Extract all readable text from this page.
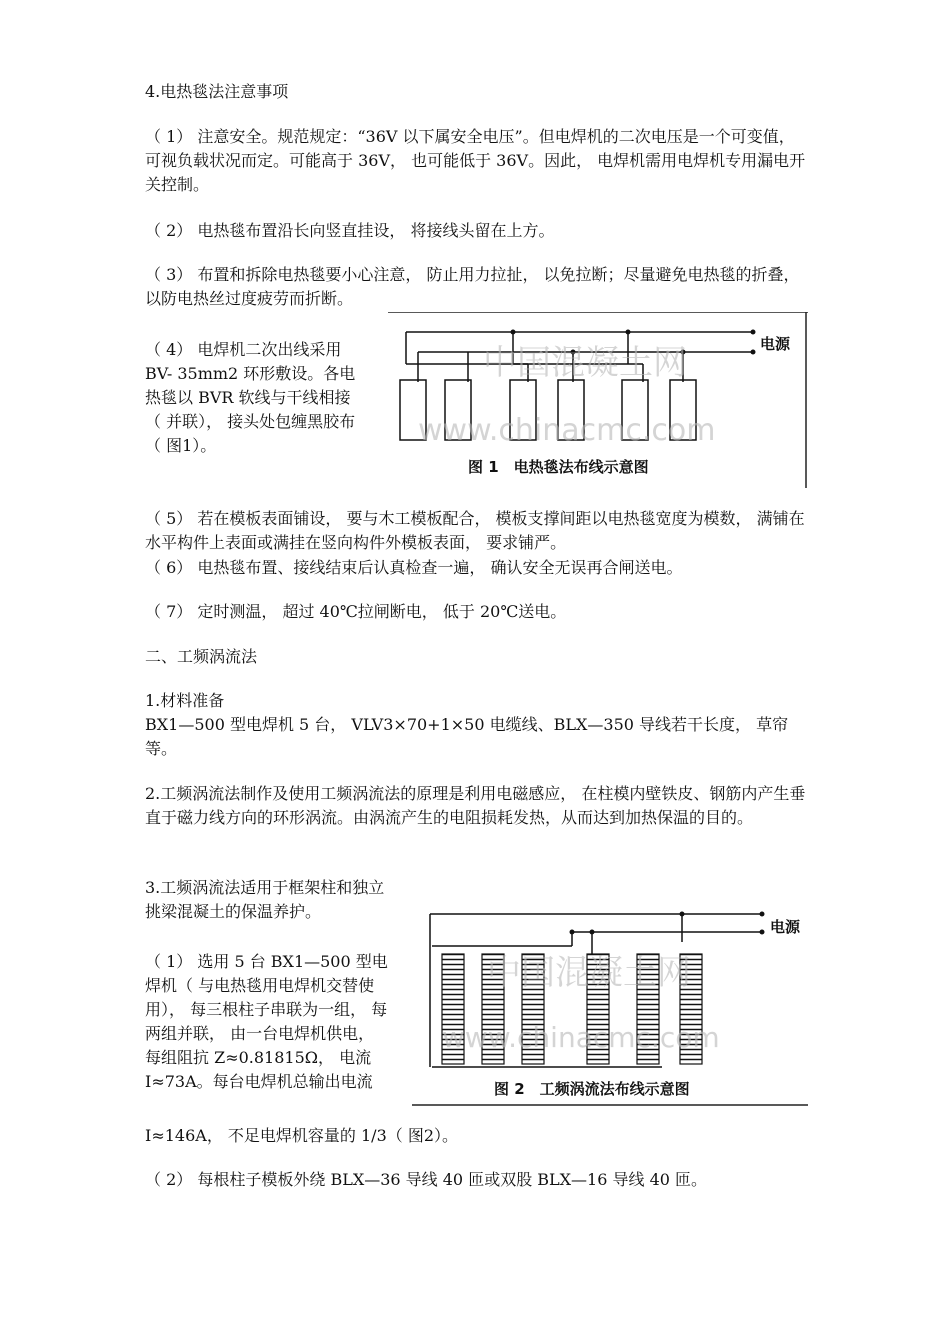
4.电热毯法注意事项

（ 1） 注意安全。规范规定：“36V 以下属安全电压”。但电焊机的二次电压是一个可变值， 可视负载状况而定。可能高于 36V， 也可能低于 36V。因此， 电焊机需用电焊机专用漏电开关控制。

（ 2） 电热毯布置沿长向竖直挂设， 将接线头留在上方。

（ 3） 布置和拆除电热毯要小心注意， 防止用力拉扯， 以免拉断；尽量避免电热毯的折叠， 以防电热丝过度疲劳而折断。

（ 4） 电焊机二次出线采用 BV- 35mm2 环形敷设。各电热毯以 BVR 软线与干线相接（ 并联）， 接头处包缠黑胶布（ 图1）。

电源
中国混凝土网
www.chinacmc.com
图 1　电热毯法布线示意图

（ 5） 若在模板表面铺设， 要与木工模板配合， 模板支撑间距以电热毯宽度为模数， 满铺在水平构件上表面或满挂在竖向构件外模板表面， 要求铺严。

（ 6） 电热毯布置、接线结束后认真检查一遍， 确认安全无误再合闸送电。

（ 7） 定时测温， 超过 40℃拉闸断电， 低于 20℃送电。

二、工频涡流法

1.材料准备

BX1—500 型电焊机 5 台， VLV3×70+1×50 电缆线、BLX—350 导线若干长度， 草帘等。

2.工频涡流法制作及使用工频涡流法的原理是利用电磁感应， 在柱模内壁铁皮、钢筋内产生垂直于磁力线方向的环形涡流。由涡流产生的电阻损耗发热，从而达到加热保温的目的。

3.工频涡流法适用于框架柱和独立挑梁混凝土的保温养护。

（ 1） 选用 5 台 BX1—500 型电焊机（ 与电热毯用电焊机交替使用）， 每三根柱子串联为一组， 每两组并联， 由一台电焊机供电， 每组阻抗 Z≈0.81815Ω， 电流 I≈73A。每台电焊机总输出电流

I≈146A， 不足电焊机容量的 1/3（ 图2）。

（ 2） 每根柱子模板外绕 BLX—36 导线 40 匝或双股 BLX—16 导线 40 匝。

电源
中国混凝土网
www.chinacmc.com
图 2　工频涡流法布线示意图
